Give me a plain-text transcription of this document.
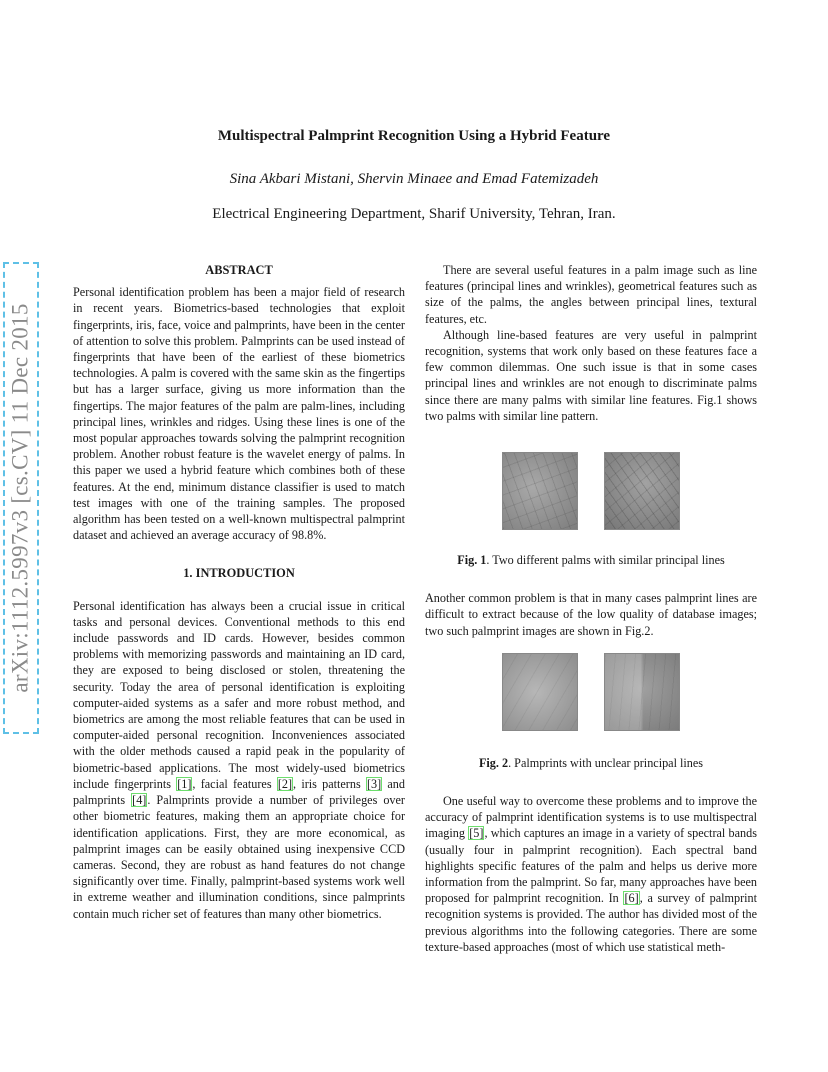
Multispectral Palmprint Recognition Using a Hybrid Feature
Sina Akbari Mistani, Shervin Minaee and Emad Fatemizadeh
Electrical Engineering Department, Sharif University, Tehran, Iran.
arXiv:1112.5997v3 [cs.CV] 11 Dec 2015

ABSTRACT

Personal identification problem has been a major field of research in recent years. Biometrics-based technologies that exploit fingerprints, iris, face, voice and palmprints, have been in the center of attention to solve this problem. Palmprints can be used instead of fingerprints that have been of the earliest of these biometrics technologies. A palm is covered with the same skin as the fingertips but has a larger surface, giving us more information than the fingertips. The major features of the palm are palm-lines, including principal lines, wrinkles and ridges. Using these lines is one of the most popular approaches towards solving the palmprint recognition problem. Another robust feature is the wavelet energy of palms. In this paper we used a hybrid feature which combines both of these features. At the end, minimum distance classifier is used to match test images with one of the training samples. The proposed algorithm has been tested on a well-known multispectral palmprint dataset and achieved an average accuracy of 98.8%.

1. INTRODUCTION

Personal identification has always been a crucial issue in critical tasks and personal devices. Conventional methods to this end include passwords and ID cards. However, besides common problems with memorizing passwords and maintaining an ID card, they are exposed to being disclosed or stolen, threatening the security. Today the area of personal identification is exploiting computer-aided systems as a safer and more robust method, and biometrics are among the most reliable features that can be used in computer-aided personal recognition. Inconveniences associated with the older methods caused a rapid peak in the popularity of biometric-based applications. The most widely-used biometrics include fingerprints [1], facial features [2], iris patterns [3] and palmprints [4]. Palmprints provide a number of privileges over other biometric features, making them an appropriate choice for identification applications. First, they are more economical, as palmprint images can be easily obtained using inexpensive CCD cameras. Second, they are robust as hand features do not change significantly over time. Finally, palmprint-based systems work well in extreme weather and illumination conditions, since palmprints contain much richer set of features than many other biometrics.

There are several useful features in a palm image such as line features (principal lines and wrinkles), geometrical features such as size of the palms, the angles between principal lines, textural features, etc.

Although line-based features are very useful in palmprint recognition, systems that work only based on these features face a few common dilemmas. One such issue is that in some cases principal lines and wrinkles are not enough to discriminate palms since there are many palms with similar line features. Fig.1 shows two palms with similar line pattern.

Fig. 1. Two different palms with similar principal lines

Another common problem is that in many cases palmprint lines are difficult to extract because of the low quality of database images; two such palmprint images are shown in Fig.2.

Fig. 2. Palmprints with unclear principal lines

One useful way to overcome these problems and to improve the accuracy of palmprint identification systems is to use multispectral imaging [5], which captures an image in a variety of spectral bands (usually four in palmprint recognition). Each spectral band highlights specific features of the palm and helps us derive more information from the palmprint. So far, many approaches have been proposed for palmprint recognition. In [6], a survey of palmprint recognition systems is provided. The author has divided most of the previous algorithms into the following categories. There are some texture-based approaches (most of which use statistical meth-
